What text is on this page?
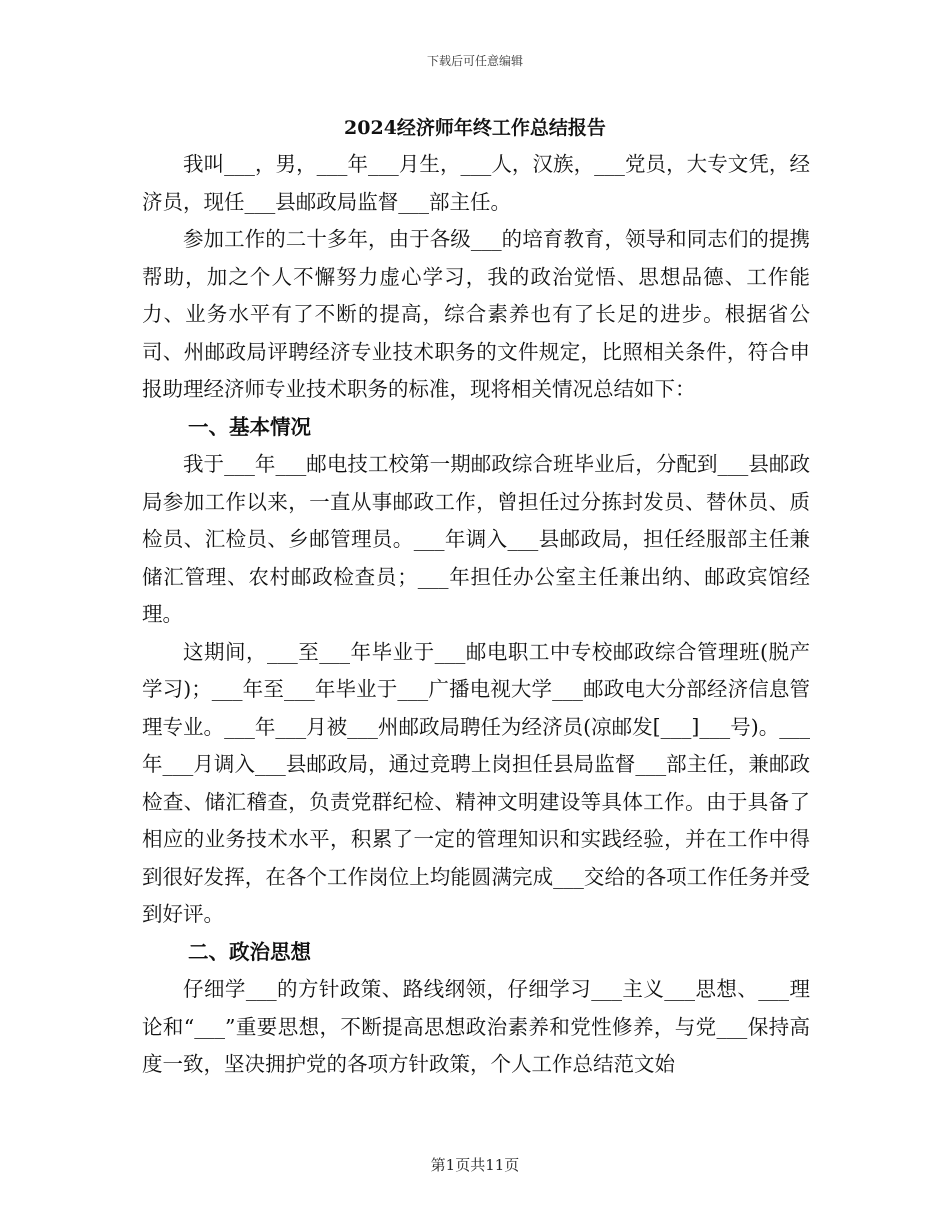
下载后可任意编辑
2024经济师年终工作总结报告

我叫___，男，___年___月生，___人，汉族，___党员，大专文凭，经济员，现任___县邮政局监督___部主任。

参加工作的二十多年，由于各级___的培育教育，领导和同志们的提携帮助，加之个人不懈努力虚心学习，我的政治觉悟、思想品德、工作能力、业务水平有了不断的提高，综合素养也有了长足的进步。根据省公司、州邮政局评聘经济专业技术职务的文件规定，比照相关条件，符合申报助理经济师专业技术职务的标准，现将相关情况总结如下：

一、基本情况

我于___年___邮电技工校第一期邮政综合班毕业后，分配到___县邮政局参加工作以来，一直从事邮政工作，曾担任过分拣封发员、替休员、质检员、汇检员、乡邮管理员。___年调入___县邮政局，担任经服部主任兼储汇管理、农村邮政检查员；___年担任办公室主任兼出纳、邮政宾馆经理。

这期间，___至___年毕业于___邮电职工中专校邮政综合管理班(脱产学习)；___年至___年毕业于___广播电视大学___邮政电大分部经济信息管理专业。___年___月被___州邮政局聘任为经济员(凉邮发[___]___号)。___年___月调入___县邮政局，通过竞聘上岗担任县局监督___部主任，兼邮政检查、储汇稽查，负责党群纪检、精神文明建设等具体工作。由于具备了相应的业务技术水平，积累了一定的管理知识和实践经验，并在工作中得到很好发挥，在各个工作岗位上均能圆满完成___交给的各项工作任务并受到好评。

二、政治思想

仔细学___的方针政策、路线纲领，仔细学习___主义___思想、___理论和“___”重要思想，不断提高思想政治素养和党性修养，与党___保持高度一致，坚决拥护党的各项方针政策，个人工作总结范文始

第1页共11页
